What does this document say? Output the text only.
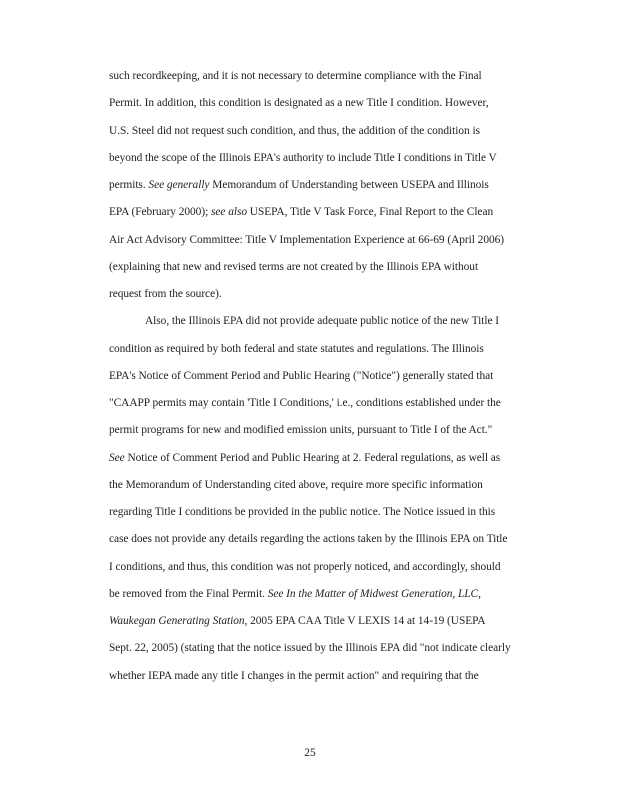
such recordkeeping, and it is not necessary to determine compliance with the Final
Permit. In addition, this condition is designated as a new Title I condition. However,
U.S. Steel did not request such condition, and thus, the addition of the condition is
beyond the scope of the Illinois EPA's authority to include Title I conditions in Title V
permits. See generally Memorandum of Understanding between USEPA and Illinois
EPA (February 2000); see also USEPA, Title V Task Force, Final Report to the Clean
Air Act Advisory Committee: Title V Implementation Experience at 66-69 (April 2006)
(explaining that new and revised terms are not created by the Illinois EPA without
request from the source).
Also, the Illinois EPA did not provide adequate public notice of the new Title I
condition as required by both federal and state statutes and regulations. The Illinois
EPA's Notice of Comment Period and Public Hearing ("Notice") generally stated that
"CAAPP permits may contain 'Title I Conditions,' i.e., conditions established under the
permit programs for new and modified emission units, pursuant to Title I of the Act."
See Notice of Comment Period and Public Hearing at 2. Federal regulations, as well as
the Memorandum of Understanding cited above, require more specific information
regarding Title I conditions be provided in the public notice. The Notice issued in this
case does not provide any details regarding the actions taken by the Illinois EPA on Title
I conditions, and thus, this condition was not properly noticed, and accordingly, should
be removed from the Final Permit. See In the Matter of Midwest Generation, LLC,
Waukegan Generating Station, 2005 EPA CAA Title V LEXIS 14 at 14-19 (USEPA
Sept. 22, 2005) (stating that the notice issued by the Illinois EPA did "not indicate clearly
whether IEPA made any title I changes in the permit action" and requiring that the
25
